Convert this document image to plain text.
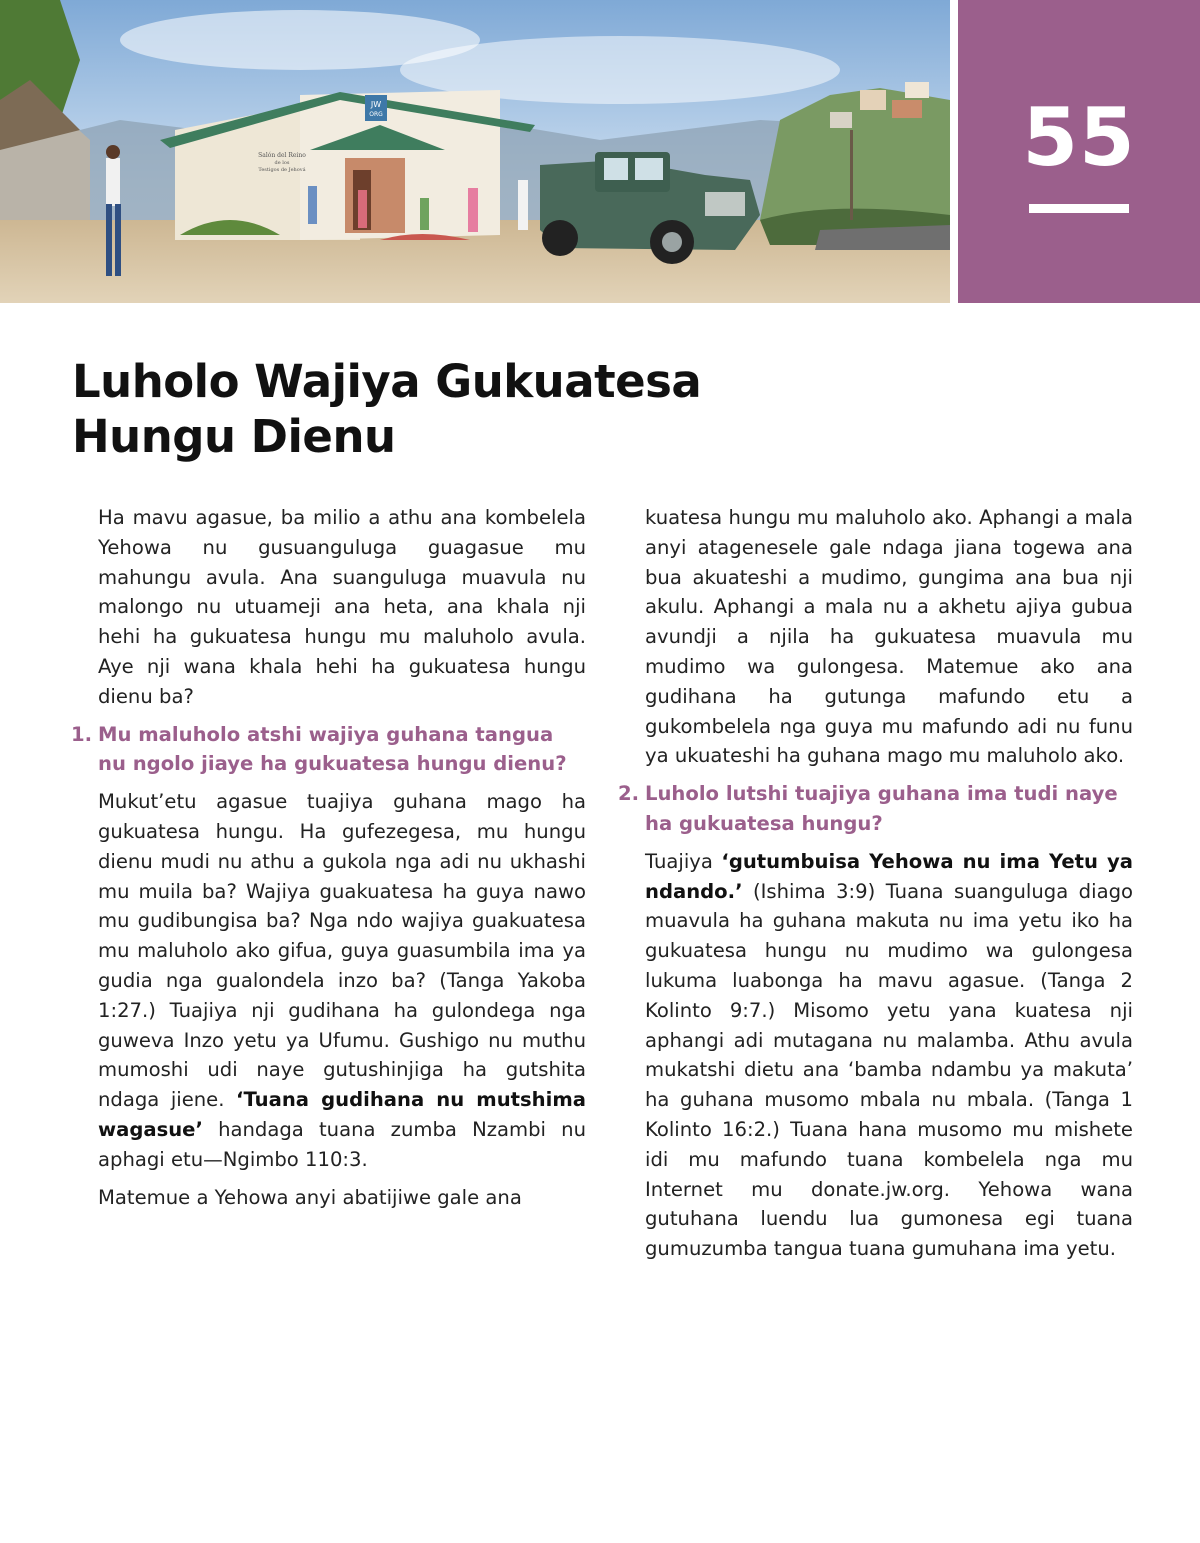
JW
ORG
Salón del Reino
de los
Testigos de Jehová	55
Luholo Wajiya Gukuatesa
Hungu Dienu

Ha mavu agasue, ba milio a athu ana kombelela Yehowa nu gusuanguluga guagasue mu mahungu avula. Ana suanguluga muavula nu malongo nu utuameji ana heta, ana khala nji hehi ha gukuatesa hungu mu maluholo avula. Aye nji wana khala hehi ha gukuatesa hungu dienu ba?

1. Mu maluholo atshi wajiya guhana tangua nu ngolo jiaye ha gukuatesa hungu dienu?

Mukut’etu agasue tuajiya guhana mago ha gukuatesa hungu. Ha gufezegesa, mu hungu dienu mudi nu athu a gukola nga adi nu ukhashi mu muila ba? Wajiya guakuatesa ha guya nawo mu gudibungisa ba? Nga ndo wajiya guakuatesa mu maluholo ako gifua, guya guasumbila ima ya gudia nga gualondela inzo ba? (Tanga Yakoba 1:27.) Tuajiya nji gudihana ha gulondega nga guweva Inzo yetu ya Ufumu. Gushigo nu muthu mumoshi udi naye gutushinjiga ha gutshita ndaga jiene. ‘Tuana gudihana nu mutshima wagasue’ handaga tuana zumba Nzambi nu aphagi etu—Ngimbo 110:3.

Matemue a Yehowa anyi abatijiwe gale ana

kuatesa hungu mu maluholo ako. Aphangi a mala anyi atagenesele gale ndaga jiana togewa ana bua akuateshi a mudimo, gungima ana bua nji akulu. Aphangi a mala nu a akhetu ajiya gubua avundji a njila ha gukuatesa muavula mu mudimo wa gulongesa. Matemue ako ana gudihana ha gutunga mafundo etu a gukombelela nga guya mu mafundo adi nu funu ya ukuateshi ha guhana mago mu maluholo ako.

2. Luholo lutshi tuajiya guhana ima tudi naye ha gukuatesa hungu?

Tuajiya ‘gutumbuisa Yehowa nu ima Yetu ya ndando.’ (Ishima 3:9) Tuana suanguluga diago muavula ha guhana makuta nu ima yetu iko ha gukuatesa hungu nu mudimo wa gulongesa lukuma luabonga ha mavu agasue. (Tanga 2 Kolinto 9:7.) Misomo yetu yana kuatesa nji aphangi adi mutagana nu malamba. Athu avula mukatshi dietu ana ‘bamba ndambu ya makuta’ ha guhana musomo mbala nu mbala. (Tanga 1 Kolinto 16:2.) Tuana hana musomo mu mishete idi mu mafundo tuana kombelela nga mu Internet mu donate.jw.org. Yehowa wana gutuhana luendu lua gumonesa egi tuana gumuzumba tangua tuana gumuhana ima yetu.
